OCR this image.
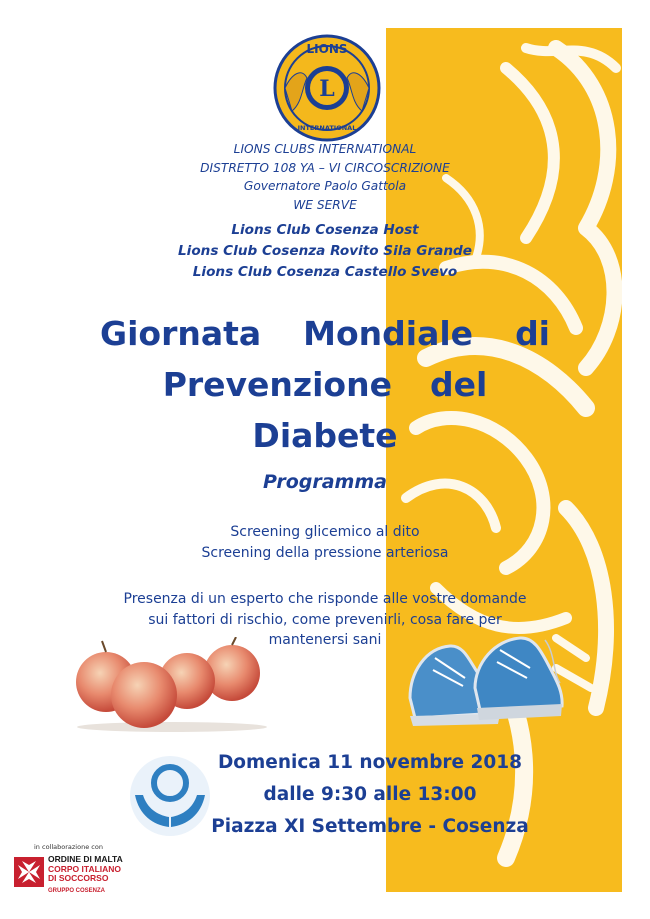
L
LIONS
INTERNATIONAL
LIONS CLUBS INTERNATIONAL
DISTRETTO 108 YA – VI CIRCOSCRIZIONE
Governatore Paolo Gattola
WE SERVE
Lions Club Cosenza Host
Lions Club Cosenza Rovito Sila Grande
Lions Club Cosenza Castello Svevo
Giornata Mondiale di
Prevenzione del
Diabete
Programma
Screening glicemico al dito
Screening della pressione arteriosa
Presenza di un esperto che risponde alle vostre domande
sui fattori di rischio, come prevenirli, cosa fare per
mantenersi sani
Domenica 11 novembre 2018
dalle 9:30 alle 13:00
Piazza XI Settembre - Cosenza
in collaborazione con
ORDINE DI MALTA
CORPO ITALIANO
DI SOCCORSO
GRUPPO COSENZA
